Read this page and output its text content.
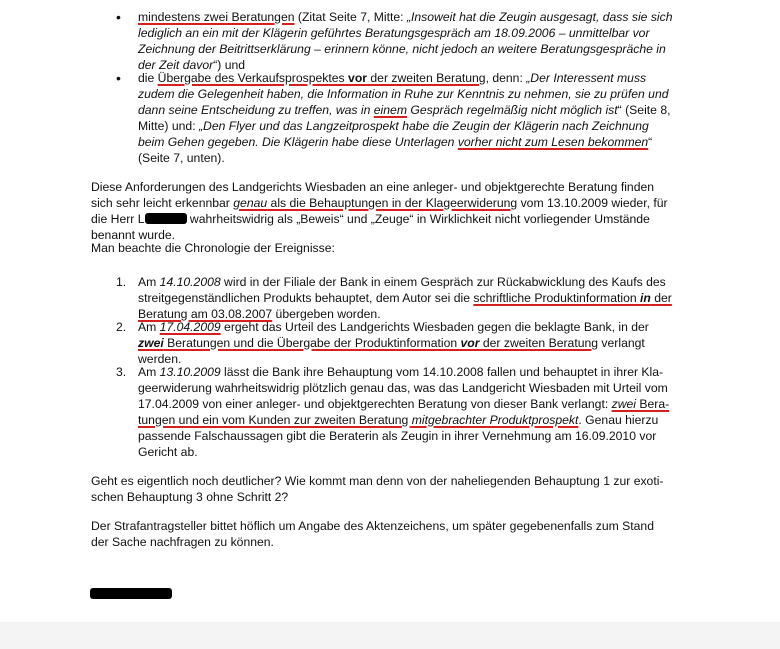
• mindestens zwei Beratungen (Zitat Seite 7, Mitte: „Insoweit hat die Zeugin ausgesagt, dass sie sich
lediglich an ein mit der Klägerin geführtes Beratungsgespräch am 18.09.2006 – unmittelbar vor
Zeichnung der Beitrittserklärung – erinnern könne, nicht jedoch an weitere Beratungsgespräche in
der Zeit davor“) und
• die Übergabe des Verkaufsprospektes vor der zweiten Beratung, denn: „Der Interessent muss
zudem die Gelegenheit haben, die Information in Ruhe zur Kenntnis zu nehmen, sie zu prüfen und
dann seine Entscheidung zu treffen, was in einem Gespräch regelmäßig nicht möglich ist“ (Seite 8,
Mitte) und: „Den Flyer und das Langzeitprospekt habe die Zeugin der Klägerin nach Zeichnung
beim Gehen gegeben. Die Klägerin habe diese Unterlagen vorher nicht zum Lesen bekommen“
(Seite 7, unten).
Diese Anforderungen des Landgerichts Wiesbaden an eine anleger- und objektgerechte Beratung finden
sich sehr leicht erkennbar genau als die Behauptungen in der Klageerwiderung vom 13.10.2009 wieder, für
die Herr L	wahrheitswidrig als „Beweis“ und „Zeuge“ in Wirklichkeit nicht vorliegender Umstände
benannt wurde.
Man beachte die Chronologie der Ereignisse:
1. Am 14.10.2008 wird in der Filiale der Bank in einem Gespräch zur Rückabwicklung des Kaufs des
streitgegenständlichen Produkts behauptet, dem Autor sei die schriftliche Produktinformation in der
Beratung am 03.08.2007 übergeben worden.
2. Am 17.04.2009 ergeht das Urteil des Landgerichts Wiesbaden gegen die beklagte Bank, in der
zwei Beratungen und die Übergabe der Produktinformation vor der zweiten Beratung verlangt
werden.
3. Am 13.10.2009 lässt die Bank ihre Behauptung vom 14.10.2008 fallen und behauptet in ihrer Kla-
geerwiderung wahrheitswidrig plötzlich genau das, was das Landgericht Wiesbaden mit Urteil vom
17.04.2009 von einer anleger- und objektgerechten Beratung von dieser Bank verlangt: zwei Bera-
tungen und ein vom Kunden zur zweiten Beratung mitgebrachter Produktprospekt. Genau hierzu
passende Falschaussagen gibt die Beraterin als Zeugin in ihrer Vernehmung am 16.09.2010 vor
Gericht ab.
Geht es eigentlich noch deutlicher? Wie kommt man denn von der naheliegenden Behauptung 1 zur exoti-
schen Behauptung 3 ohne Schritt 2?
Der Strafantragsteller bittet höflich um Angabe des Aktenzeichens, um später gegebenenfalls zum Stand
der Sache nachfragen zu können.
